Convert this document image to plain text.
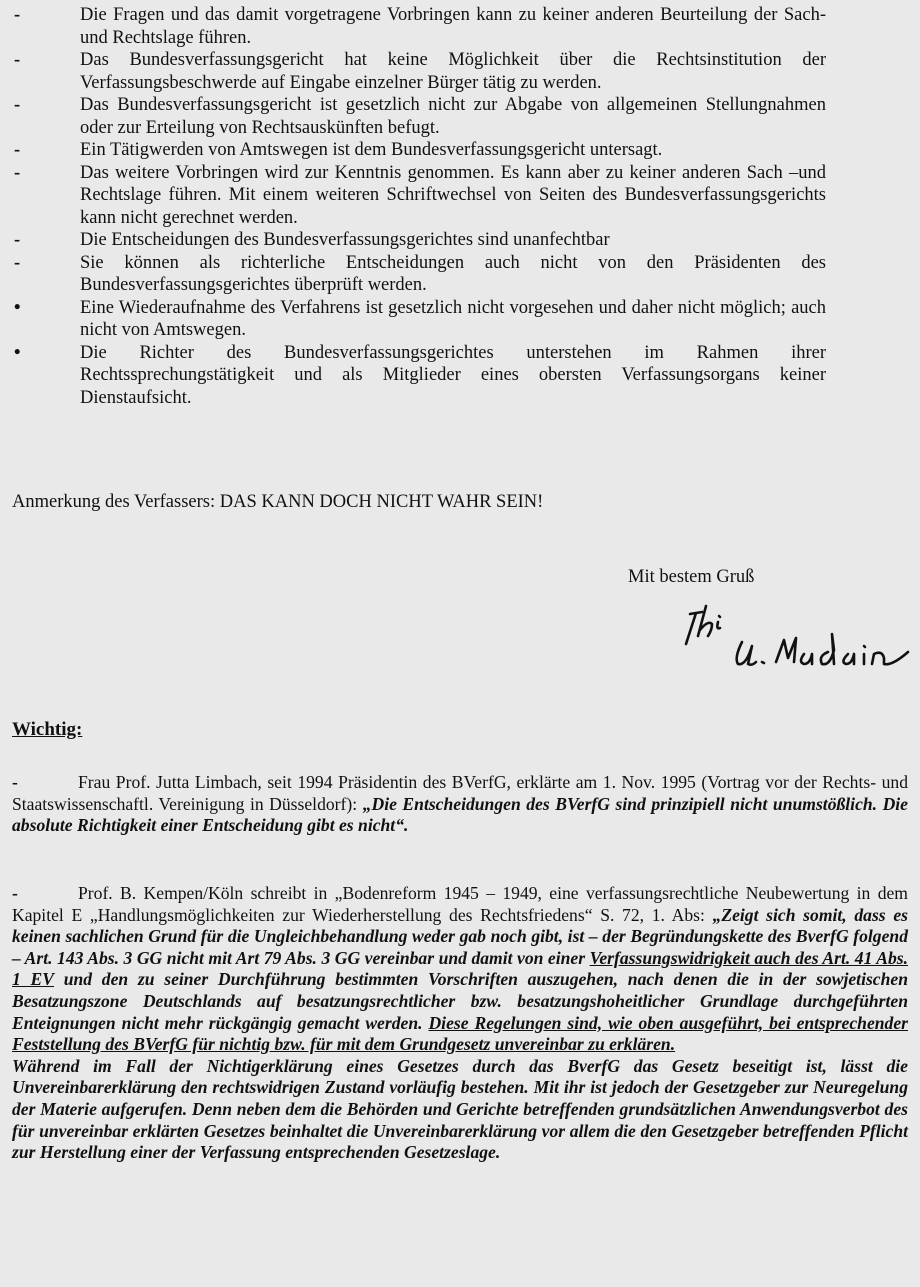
-	Die Fragen und das damit vorgetragene Vorbringen kann zu keiner anderen Beurteilung der Sach- und Rechtslage führen.
-	Das Bundesverfassungsgericht hat keine Möglichkeit über die Rechtsinstitution der Verfassungsbeschwerde auf Eingabe einzelner Bürger tätig zu werden.
-	Das Bundesverfassungsgericht ist gesetzlich nicht zur Abgabe von allgemeinen Stellungnahmen oder zur Erteilung von Rechtsauskünften befugt.
-	Ein Tätigwerden von Amtswegen ist dem Bundesverfassungsgericht untersagt.
-	Das weitere Vorbringen wird zur Kenntnis genommen. Es kann aber zu keiner anderen Sach –und Rechtslage führen. Mit einem weiteren Schriftwechsel von Seiten des Bundesverfassungsgerichts kann nicht gerechnet werden.
-	Die Entscheidungen des Bundesverfassungsgerichtes sind unanfechtbar
-	Sie können als richterliche Entscheidungen auch nicht von den Präsidenten des Bundesverfassungsgerichtes überprüft werden.
•	Eine Wiederaufnahme des Verfahrens ist gesetzlich nicht vorgesehen und daher nicht möglich; auch nicht von Amtswegen.
•	Die Richter des Bundesverfassungsgerichtes unterstehen im Rahmen ihrer Rechtssprechungstätigkeit und als Mitglieder eines obersten Verfassungsorgans keiner Dienstaufsicht.
Anmerkung des Verfassers: DAS KANN DOCH NICHT WAHR SEIN!
Mit bestem Gruß
Wichtig:
-	Frau Prof. Jutta Limbach, seit 1994 Präsidentin des BVerfG, erklärte am 1. Nov. 1995 (Vortrag vor der Rechts- und Staatswissenschaftl. Vereinigung in Düsseldorf): „Die Entscheidungen des BVerfG sind prinzipiell nicht unumstößlich. Die absolute Richtigkeit einer Entscheidung gibt es nicht“.
-	Prof. B. Kempen/Köln schreibt in „Bodenreform 1945 – 1949, eine verfassungsrechtliche Neubewertung in dem Kapitel E „Handlungsmöglichkeiten zur Wiederherstellung des Rechtsfriedens“ S. 72, 1. Abs: „Zeigt sich somit, dass es keinen sachlichen Grund für die Ungleichbehandlung weder gab noch gibt, ist – der Begründungskette des BverfG folgend – Art. 143 Abs. 3 GG nicht mit Art 79 Abs. 3 GG vereinbar und damit von einer Verfassungswidrigkeit auch des Art. 41 Abs. 1 EV und den zu seiner Durchführung bestimmten Vorschriften auszugehen, nach denen die in der sowjetischen Besatzungszone Deutschlands auf besatzungsrechtlicher bzw. besatzungshoheitlicher Grundlage durchgeführten Enteignungen nicht mehr rückgängig gemacht werden. Diese Regelungen sind, wie oben ausgeführt, bei entsprechender Feststellung des BVerfG für nichtig bzw. für mit dem Grundgesetz unvereinbar zu erklären.
Während im Fall der Nichtigerklärung eines Gesetzes durch das BverfG das Gesetz beseitigt ist, lässt die Unvereinbarerklärung den rechtswidrigen Zustand vorläufig bestehen. Mit ihr ist jedoch der Gesetzgeber zur Neuregelung der Materie aufgerufen. Denn neben dem die Behörden und Gerichte betreffenden grundsätzlichen Anwendungsverbot des für unvereinbar erklärten Gesetzes beinhaltet die Unvereinbarerklärung vor allem die den Gesetzgeber betreffenden Pflicht zur Herstellung einer der Verfassung entsprechenden Gesetzeslage.
